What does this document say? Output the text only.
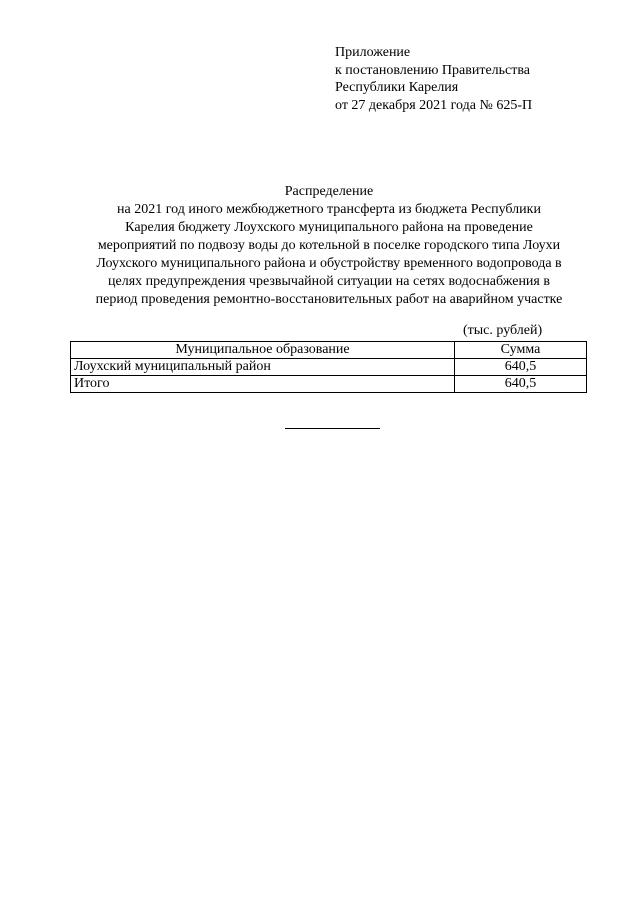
Приложение
к постановлению Правительства
Республики Карелия
от 27 декабря 2021 года № 625-П
Распределение
на 2021 год иного межбюджетного трансферта из бюджета Республики
Карелия бюджету Лоухского муниципального района на проведение
мероприятий по подвозу воды до котельной в поселке городского типа Лоухи
Лоухского муниципального района и обустройству временного водопровода в
целях предупреждения чрезвычайной ситуации на сетях водоснабжения в
период проведения ремонтно-восстановительных работ на аварийном участке
(тыс. рублей)
Муниципальное образование	Сумма
Лоухский муниципальный район	640,5
Итого	640,5
